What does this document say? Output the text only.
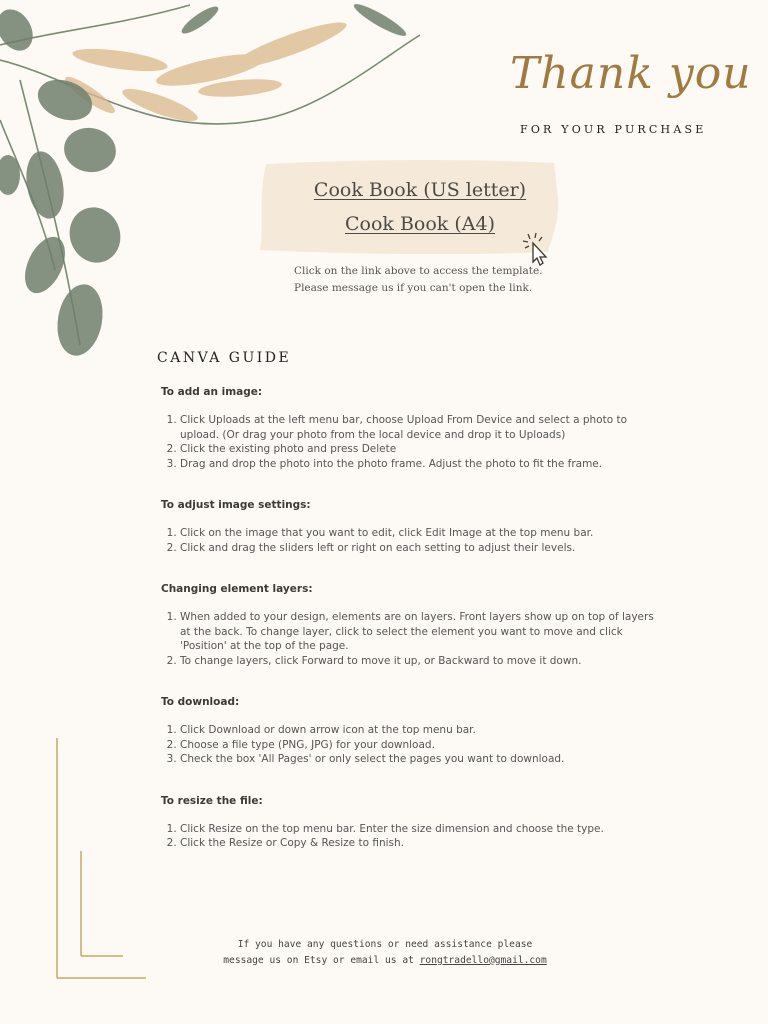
Thank you
FOR YOUR PURCHASE
Cook Book (US letter)
Cook Book (A4)
Click on the link above to access the template.
Please message us if you can't open the link.
CANVA GUIDE
To add an image:
1. Click Uploads at the left menu bar, choose Upload From Device and select a photo to upload. (Or drag your photo from the local device and drop it to Uploads)
2. Click the existing photo and press Delete
3. Drag and drop the photo into the photo frame. Adjust the photo to fit the frame.
To adjust image settings:
1. Click on the image that you want to edit, click Edit Image at the top menu bar.
2. Click and drag the sliders left or right on each setting to adjust their levels.
Changing element layers:
1. When added to your design, elements are on layers. Front layers show up on top of layers at the back. To change layer, click to select the element you want to move and click 'Position' at the top of the page.
2. To change layers, click Forward to move it up, or Backward to move it down.
To download:
1. Click Download or down arrow icon at the top menu bar.
2. Choose a file type (PNG, JPG) for your download.
3. Check the box 'All Pages' or only select the pages you want to download.
To resize the file:
1. Click Resize on the top menu bar. Enter the size dimension and choose the type.
2. Click the Resize or Copy & Resize to finish.
If you have any questions or need assistance please
message us on Etsy or email us at rongtradello@gmail.com
